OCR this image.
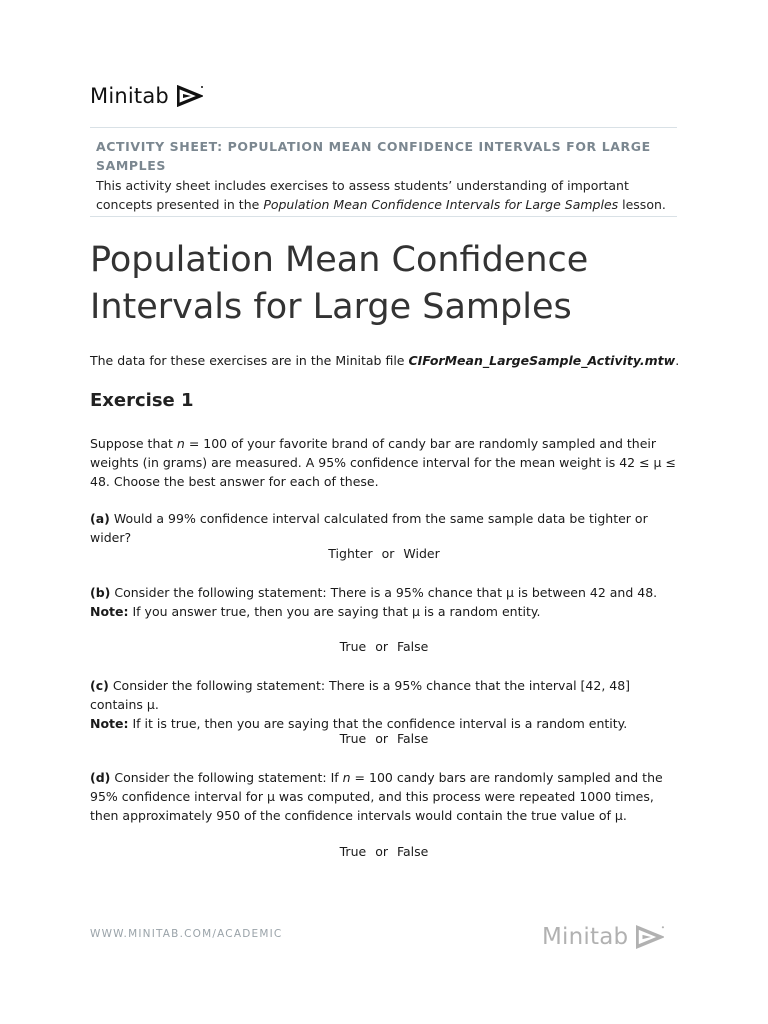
Minitab
ACTIVITY SHEET: POPULATION MEAN CONFIDENCE INTERVALS FOR LARGE SAMPLES
This activity sheet includes exercises to assess students’ understanding of important concepts presented in the Population Mean Confidence Intervals for Large Samples lesson.
Population Mean Confidence Intervals for Large Samples
The data for these exercises are in the Minitab file CIForMean_LargeSample_Activity.mtw.
Exercise 1
Suppose that n = 100 of your favorite brand of candy bar are randomly sampled and their weights (in grams) are measured. A 95% confidence interval for the mean weight is 42 ≤ μ ≤ 48. Choose the best answer for each of these.
(a) Would a 99% confidence interval calculated from the same sample data be tighter or wider?
Tighter or Wider
(b) Consider the following statement: There is a 95% chance that μ is between 42 and 48.
Note: If you answer true, then you are saying that μ is a random entity.
True or False
(c) Consider the following statement: There is a 95% chance that the interval [42, 48] contains μ.
Note: If it is true, then you are saying that the confidence interval is a random entity.
True or False
(d) Consider the following statement: If n = 100 candy bars are randomly sampled and the 95% confidence interval for μ was computed, and this process were repeated 1000 times, then approximately 950 of the confidence intervals would contain the true value of μ.
True or False
WWW.MINITAB.COM/ACADEMIC	Minitab
